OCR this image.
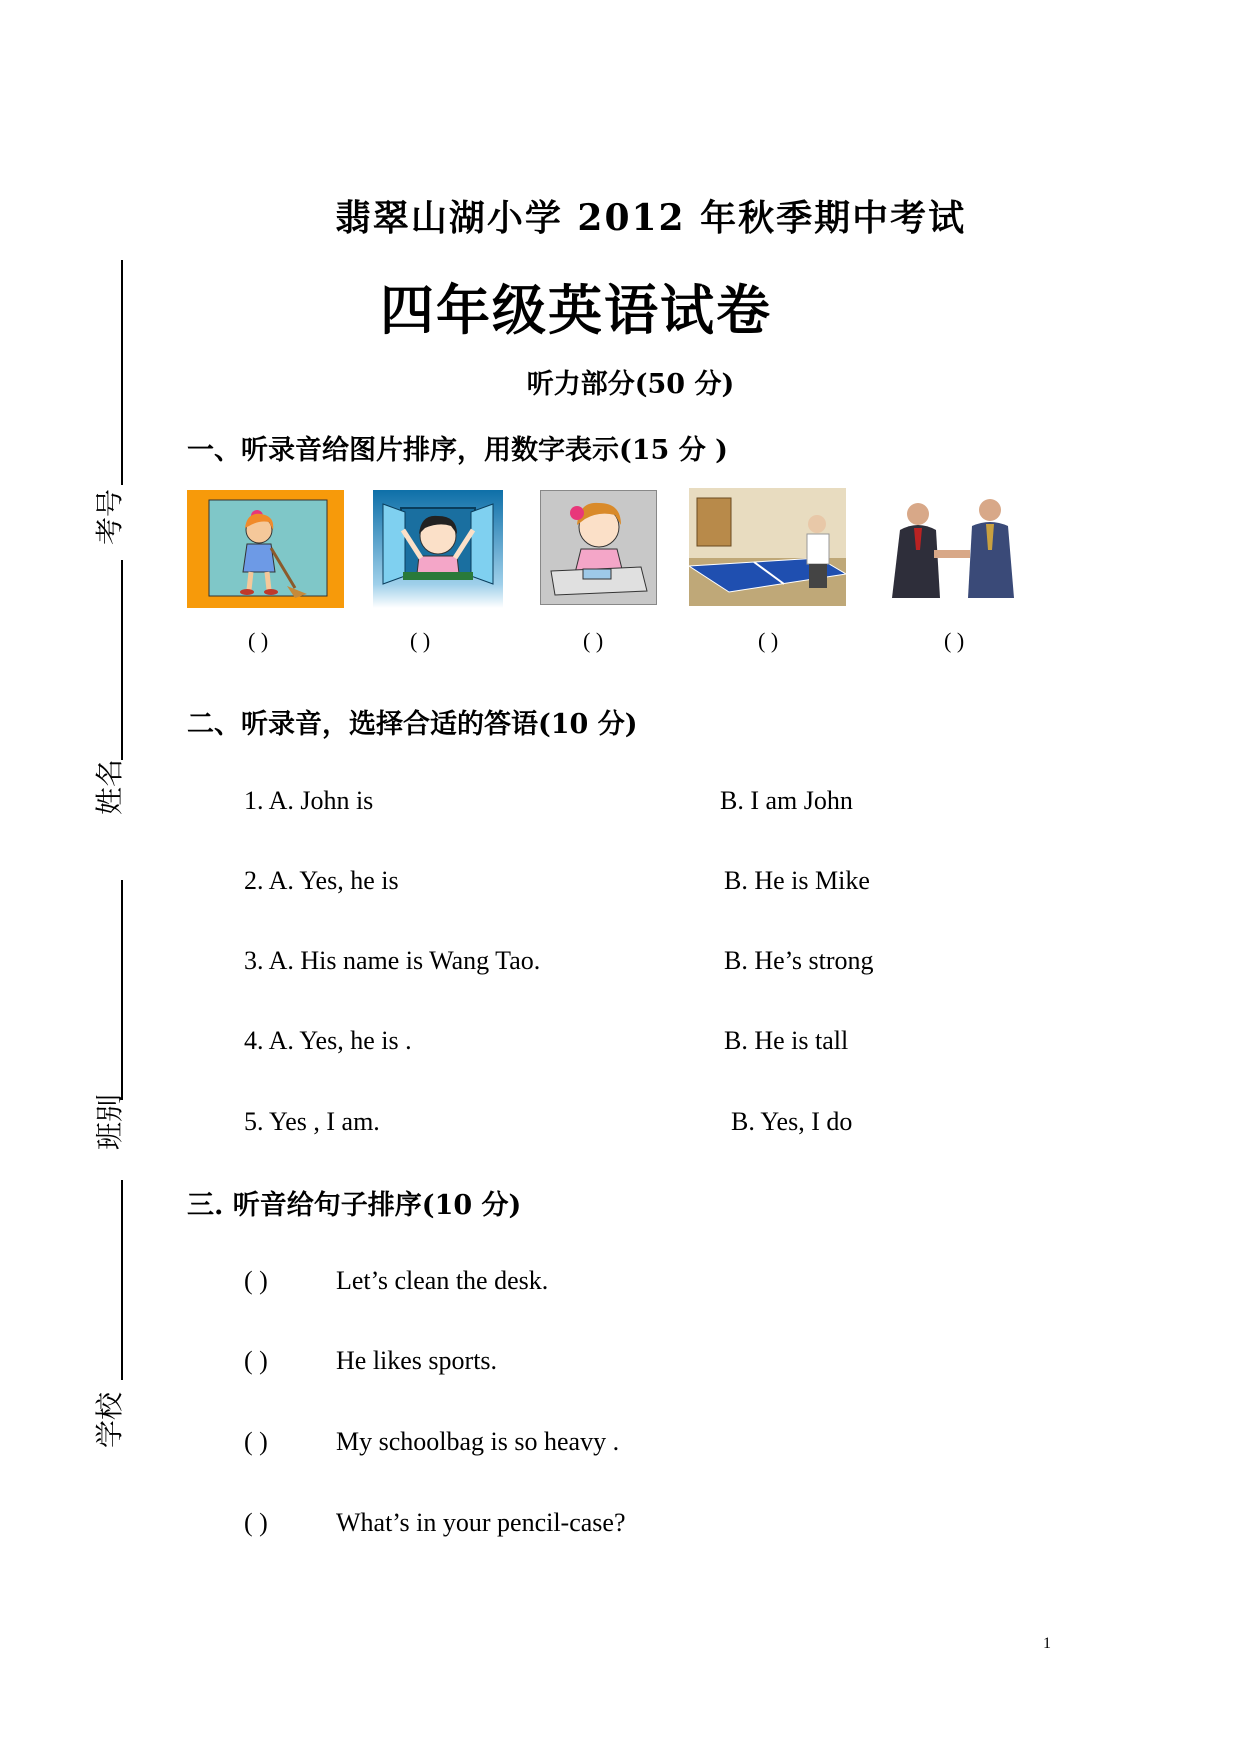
翡翠山湖小学 2012 年秋季期中考试
四年级英语试卷
听力部分(50 分)
考号
姓名
班别
学校
一、听录音给图片排序，用数字表示(15 分 )
( )	( )	( )	( )	( )
二、听录音，选择合适的答语(10 分)
1. A. John is	B. I am John
2. A. Yes, he is	B. He is Mike
3. A. His name is Wang Tao.	B. He’s strong
4. A. Yes, he is .	B. He is tall
5. Yes , I am.	B. Yes, I do
三. 听音给句子排序(10 分)
( )	Let’s clean the desk.
( )	He likes sports.
( )	My schoolbag is so heavy .
( )	What’s in your pencil-case?
1
